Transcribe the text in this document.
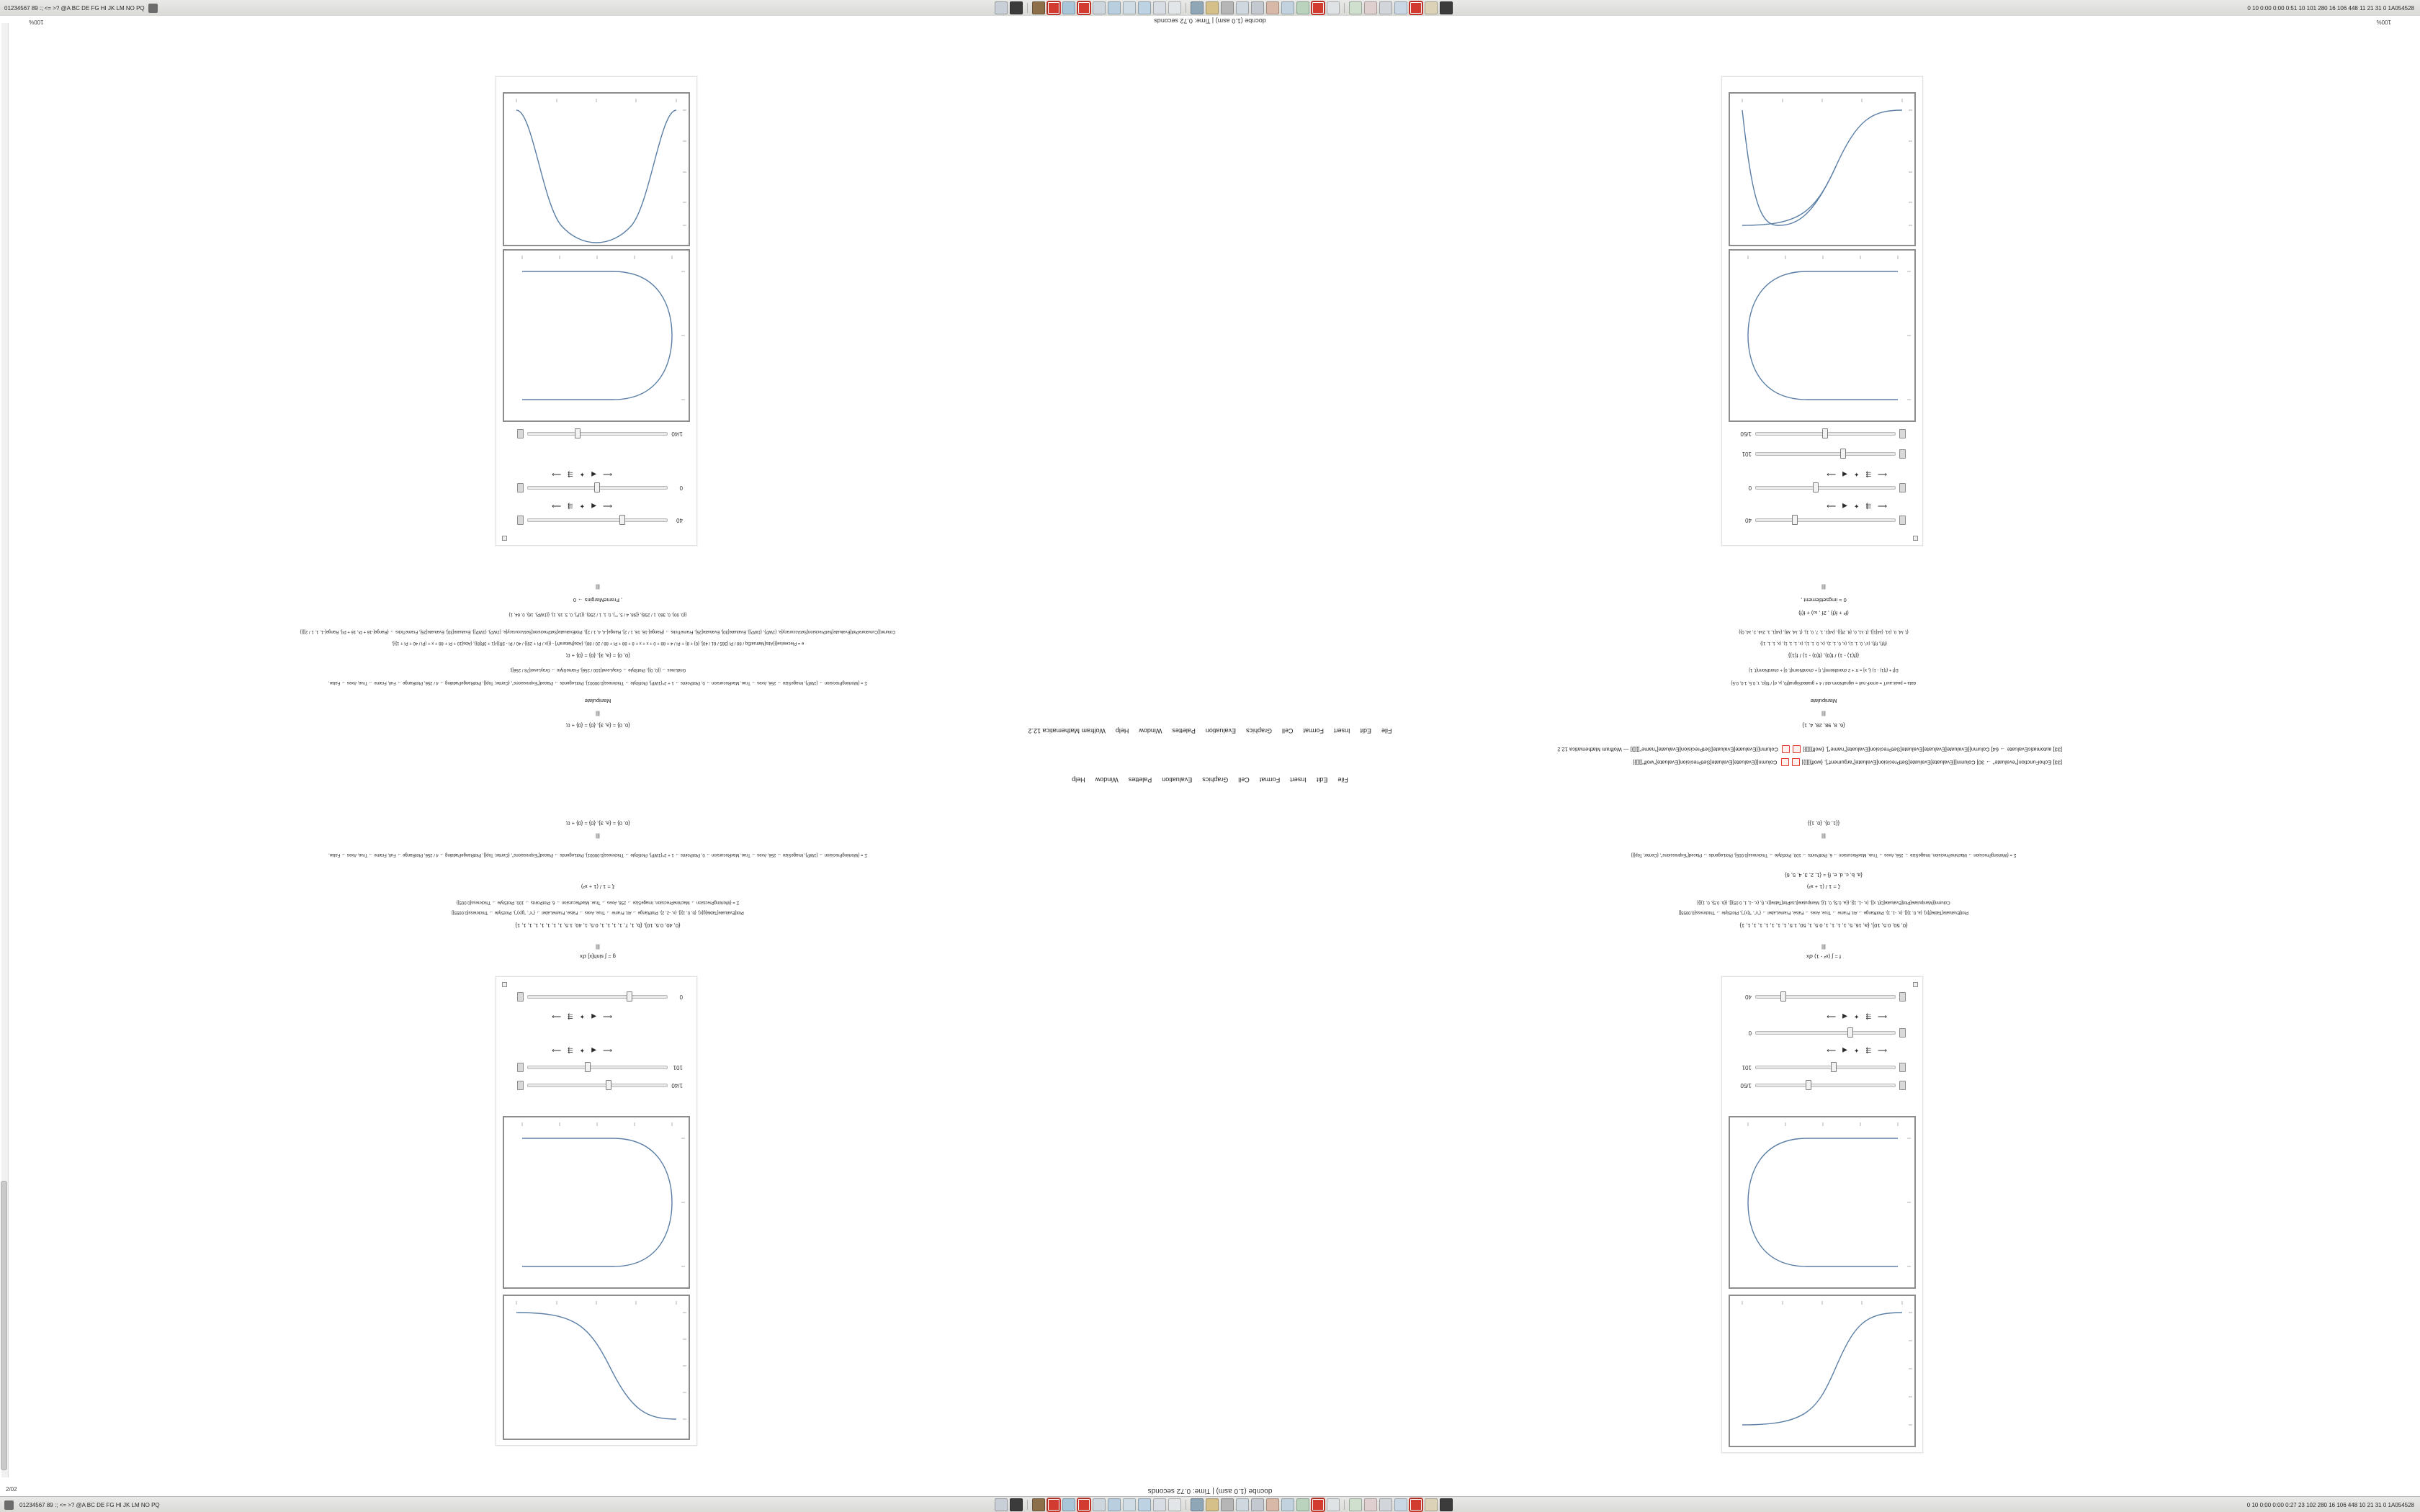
01234567 89 :; <= >? @A BC DE FG HI JK LM NO PQ	0 10 0:00 0:00 0:51 10 101 280 16 106 448 11 21 31 0 1A054528
docnbe (1.0 asm) | Time: 0.72 seconds
1/50
101
⟵
⇶
✦
◀
⟶
0
⟵
⇶
✦
◀
⟶
40
1/40
101
⟵
◀
✦
⇶
⟶
⟵
◀
✦
⇶
⟶
0
f = ∫ (x² - 1) ⅆx
|||
{0, 50, 0.5, 10}, {a, 16, 5, 1, 1, 1, 1, 0.5, 1, 50, 1.5, 1, 1, 1, 1, 1, 1, 1, 1}
Plot[Evaluate[Table[f[x], {a, 0, 1}]], {x, -1, 1}, PlotRange → All, Frame → True, Axes → False, FrameLabel → {"x", "f(x)"}, PlotStyle → Thickness[0.0055]]
Column[{Manipulate[Plot[Evaluate[D[f, x]], {x, -1, 1}], {{a, 0.5}, 0, 1}], Manipulate[ListPlot[Table[{x, f}, {x, -1, 1, 0.05}]], {{b, 0.5}, 0, 1}]}]
ζ = 1 / (1 + x²)
{a, b, c, d, e, f} = {1, 2, 3, 4, 5, 6}
Σ = {WorkingPrecision → MachinePrecision, ImageSize → 256, Axes → True, MaxRecursion → 6, PlotPoints → 100, PlotStyle → Thickness[0.005], PlotLegends → Placed["Expressions", {Center, Top}]}
|||
{{1, 0}, {0, 1}}
g = ∫ sinh[x] ⅆx
|||
{0, 40, 0.5, 10}, {b, 1, 7, 1, 1, 1, 1, 0.5, 1, 40, 1.5, 1, 1, 1, 1, 1, 1, 1, 1}
Plot[Evaluate[Table[g[x], {b, 0, 1}]], {x, -2, 2}, PlotRange → All, Frame → True, Axes → False, FrameLabel → {"x", "g(x)"}, PlotStyle → Thickness[0.0055]]
Σ = {WorkingPrecision → MachinePrecision, ImageSize → 256, Axes → True, MaxRecursion → 6, PlotPoints → 100, PlotStyle → Thickness[0.005]}
ξ = 1 / (1 + x²)
Σ = {WorkingPrecision → {1WP}, ImageSize → 256, Axes → True, MaxRecursion → 0, PlotPoints → 1 + 2^{1WP}, PlotStyle → Thickness[0.00001], PlotLegends → Placed["Expressions", {Center, Top}], PlotRangePadding → 4 / 256, PlotRange → Full, Frame → True, Axes → False,
|||
{0, 0} = {a, 3}, {0} = {0} + 0;
File
Edit
Insert
Format
Cell
Graphics
Evaluation
Palettes
Window
Help
File
Edit
Insert
Format
Cell
Graphics
Evaluation
Palettes
Window
Help
Wolfram Mathematica 12.2
[33] EchoFunction["evaluate" → 30] Column[{Evaluate[Evaluate[SetPrecision[Evaluate["argument"], {wolf}]]]}]    Column[{Evaluate[Evaluate[SetPrecision[Evaluate["wolf"]]]]}]
[33] automaticEvaluate → 64] Column[{Evaluate[Evaluate[Evaluate[SetPrecision[Evaluate["name"], {wolf}]]]}]    Column[{Evaluate[Evaluate[SetPrecision[Evaluate["name"]]]]}] — Wolfram Mathematica 12.2
{6, 8, 98, 28, 4, 1}
|||
Manipulate
data = peak.aurT = errorF.null = signalNorm.std / 4 + gradedSignal[f0, μ, σ] / f0[σ, τ, 0.5, 1.0, 0.5]
D[f + (f(1) - 1) ξ, x] = π + 2 chordNorm[f, t] + chordNorm[f, 0] + chordNorm[f, 1]
{(f(1) - 1) / f(0), (f(0) - 1) / f(1)}
{f(f), f(f), (x², 0, 1, 1), (x, 0, 1, 1), (x, 0, 1, 1), (x, 1, 1, 1), (x, 1, 1, 1)}
{f, λ4, 0, {λ1, {λ4[1]}, {f, λ1, 0, {8, 2f}}}, {λ4[1, 1, 7, 0, 1}, {f, λ4, λ8}, {λ4[1, 1, 2λ4, 2, λ4, 0}}
(f² + f(f) , 2f , ω) + f(f)
0 = imgsettlement ,
|||
{0, 0} = {a, 3}, {0} = {0} + 0;
|||
Manipulate
Σ = {WorkingPrecision → {1WP}, ImageSize → 256, Axes → True, MaxRecursion → 0, PlotPoints → 1 + 2^{1WP}, PlotStyle → Thickness[0.00001], PlotLegends → Placed["Expressions", {Center, Top}], PlotRangePadding → 4 / 256, PlotRange → Full, Frame → True, Axes → False,
GridLines → {{0, 0}}, PlotStyle → GrayLevel[100 / 256], FrameStyle → GrayLevel[78 / 256]};
{0, 0} = {a, 3}, {0} = {0} + 0;
e = Piecewise[{{Abs[NatrualSq / 88 / Pi [365 / 61 / 40], {0} + 8} + Pi / 4 + 88 + 0 + x + x + 8 + 88 + Pi + 88 / 20 / 88}, {Abs[NaturalY] - {{(x / Pi + 29}} / 40 / Pi - 3R}}/{1 + 3R[8}}, {Abs[10 + Pi + 88 + x + (Pi / 40 + Pi + 1}}],
Column[{CurvaturePlot[Evaluate[SetPrecision[SetAccuracy[e, {1WP}, {1WP}], Evaluate[30], Evaluate[25], FrameTicks → {Range[-16, 16, 1 / 2], Range[-4, 4, 1 / 2]}, PlotEvaluate[SetPrecision[SetAccuracy[e, {1WP}, {1WP}], Evaluate[30], Evaluate[25], FrameTicks → {Range[-16 + Pi, 16 + Pi], Range[-1, 1, 1 / 2]}]}
{{0, 90}, 0, 360, 1 / 256}, {{98, 4 / 5, ""}, 0, 1, 1 / 256}, {{1F}, 0, 3, 16, 1}, {{1WP}, 16}, 0, 64, 1}
, FrameMargins → 0
|||
40
⟵
⇶
✦
◀
⟶
0
⟵
⇶
✦
◀
⟶
101
1/50
40
⟵
◀
✦
⇶
⟶
0
⟵
◀
✦
⇶
⟶
1/40
docnbe (1.0 asm) | Time: 0.72 seconds	100%
100%
01234567 89 :; <= >? @A BC DE FG HI JK LM NO PQ	0 10 0:00 0:00 0:27 23 102 280 16 106 448 10 21 31 0 1A054528
2/02
